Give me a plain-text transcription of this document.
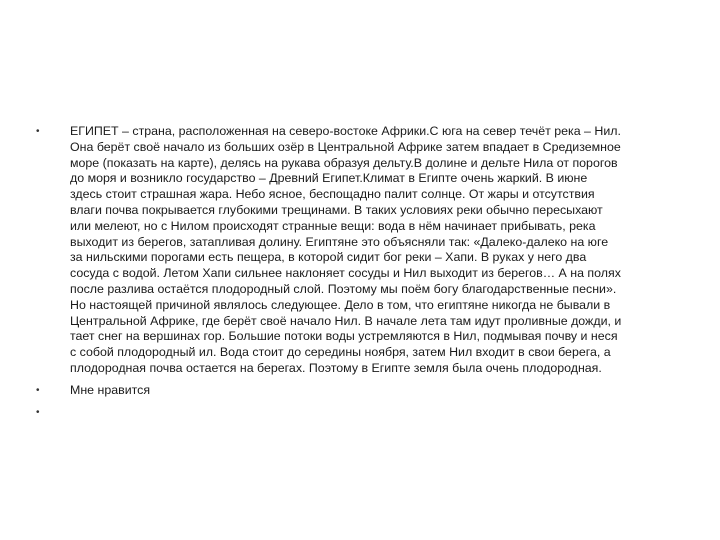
•	ЕГИПЕТ – страна, расположенная на северо-востоке Африки.С юга на север течёт река – Нил.
Она берёт своё начало из больших озёр в Центральной Африке затем впадает в Средиземное
море (показать на карте), делясь на рукава образуя дельту.В долине и дельте Нила от порогов
до моря и возникло государство – Древний Египет.Климат в Египте очень жаркий. В июне
здесь стоит страшная жара. Небо ясное, беспощадно палит солнце. От жары и отсутствия
влаги почва покрывается глубокими трещинами. В таких условиях реки обычно пересыхают
или мелеют, но с Нилом происходят странные вещи: вода в нём начинает прибывать, река
выходит из берегов, затапливая долину. Египтяне это объясняли так: «Далеко-далеко на юге
за нильскими порогами есть пещера, в которой сидит бог реки – Хапи. В руках у него два
сосуда с водой. Летом Хапи сильнее наклоняет сосуды и Нил выходит из берегов… А на полях
после разлива остаётся плодородный слой. Поэтому мы поём богу благодарственные песни».
Но настоящей причиной являлось следующее. Дело в том, что египтяне никогда не бывали в
Центральной Африке, где берёт своё начало Нил. В начале лета там идут проливные дожди, и
тает снег на вершинах гор. Большие потоки воды устремляются в Нил, подмывая почву и неся
с собой плодородный ил. Вода стоит до середины ноября, затем Нил входит в свои берега, а
плодородная почва остается на берегах. Поэтому в Египте земля была очень плодородная.
•	Мне нравится
•
